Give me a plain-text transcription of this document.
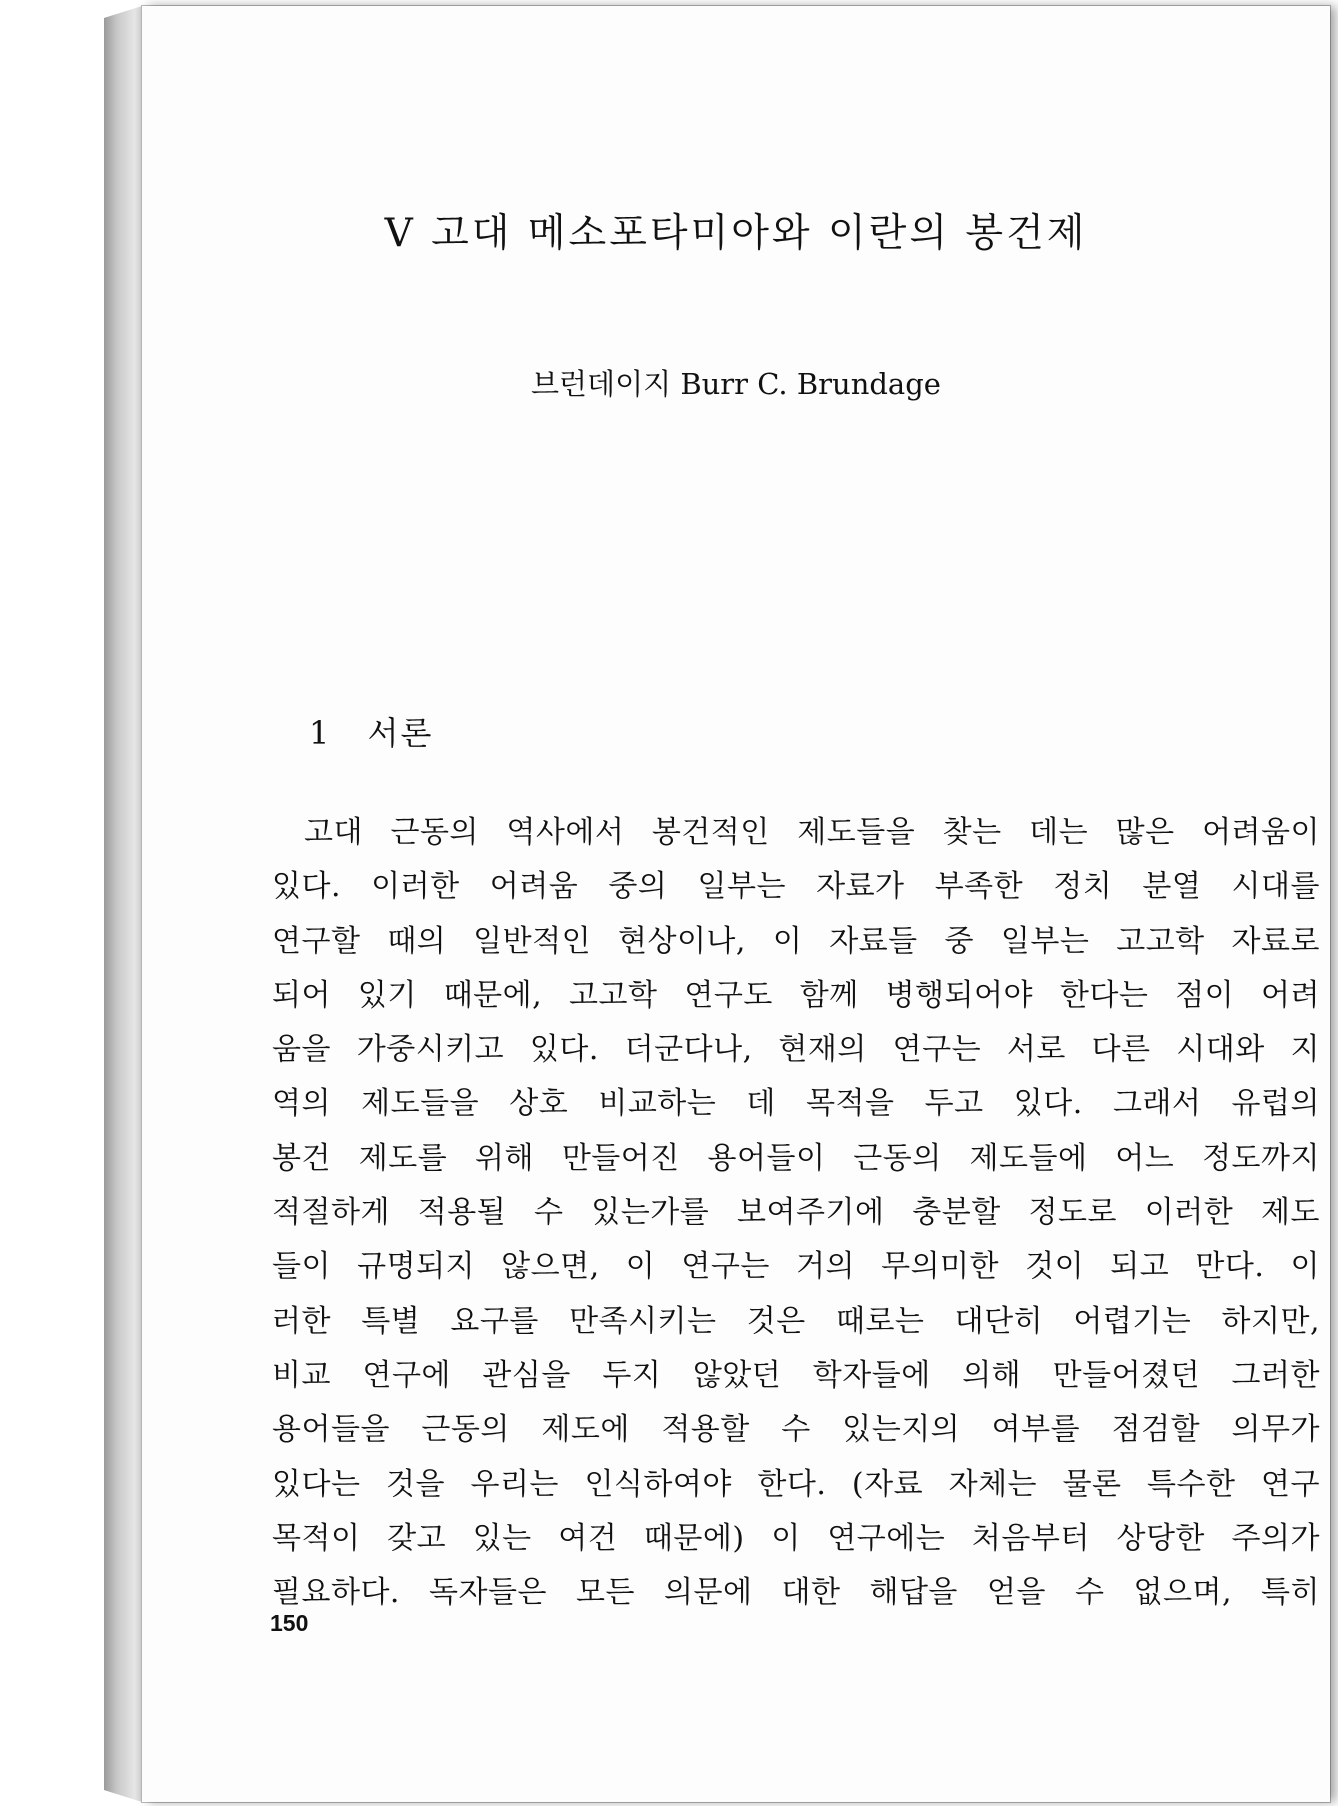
V 고대 메소포타미아와 이란의 봉건제
브런데이지 Burr C. Brundage
1 서론
고대 근동의 역사에서 봉건적인 제도들을 찾는 데는 많은 어려움이
있다. 이러한 어려움 중의 일부는 자료가 부족한 정치 분열 시대를
연구할 때의 일반적인 현상이나, 이 자료들 중 일부는 고고학 자료로
되어 있기 때문에, 고고학 연구도 함께 병행되어야 한다는 점이 어려
움을 가중시키고 있다. 더군다나, 현재의 연구는 서로 다른 시대와 지
역의 제도들을 상호 비교하는 데 목적을 두고 있다. 그래서 유럽의
봉건 제도를 위해 만들어진 용어들이 근동의 제도들에 어느 정도까지
적절하게 적용될 수 있는가를 보여주기에 충분할 정도로 이러한 제도
들이 규명되지 않으면, 이 연구는 거의 무의미한 것이 되고 만다. 이
러한 특별 요구를 만족시키는 것은 때로는 대단히 어렵기는 하지만,
비교 연구에 관심을 두지 않았던 학자들에 의해 만들어졌던 그러한
용어들을 근동의 제도에 적용할 수 있는지의 여부를 점검할 의무가
있다는 것을 우리는 인식하여야 한다. (자료 자체는 물론 특수한 연구
목적이 갖고 있는 여건 때문에) 이 연구에는 처음부터 상당한 주의가
필요하다. 독자들은 모든 의문에 대한 해답을 얻을 수 없으며, 특히
150
